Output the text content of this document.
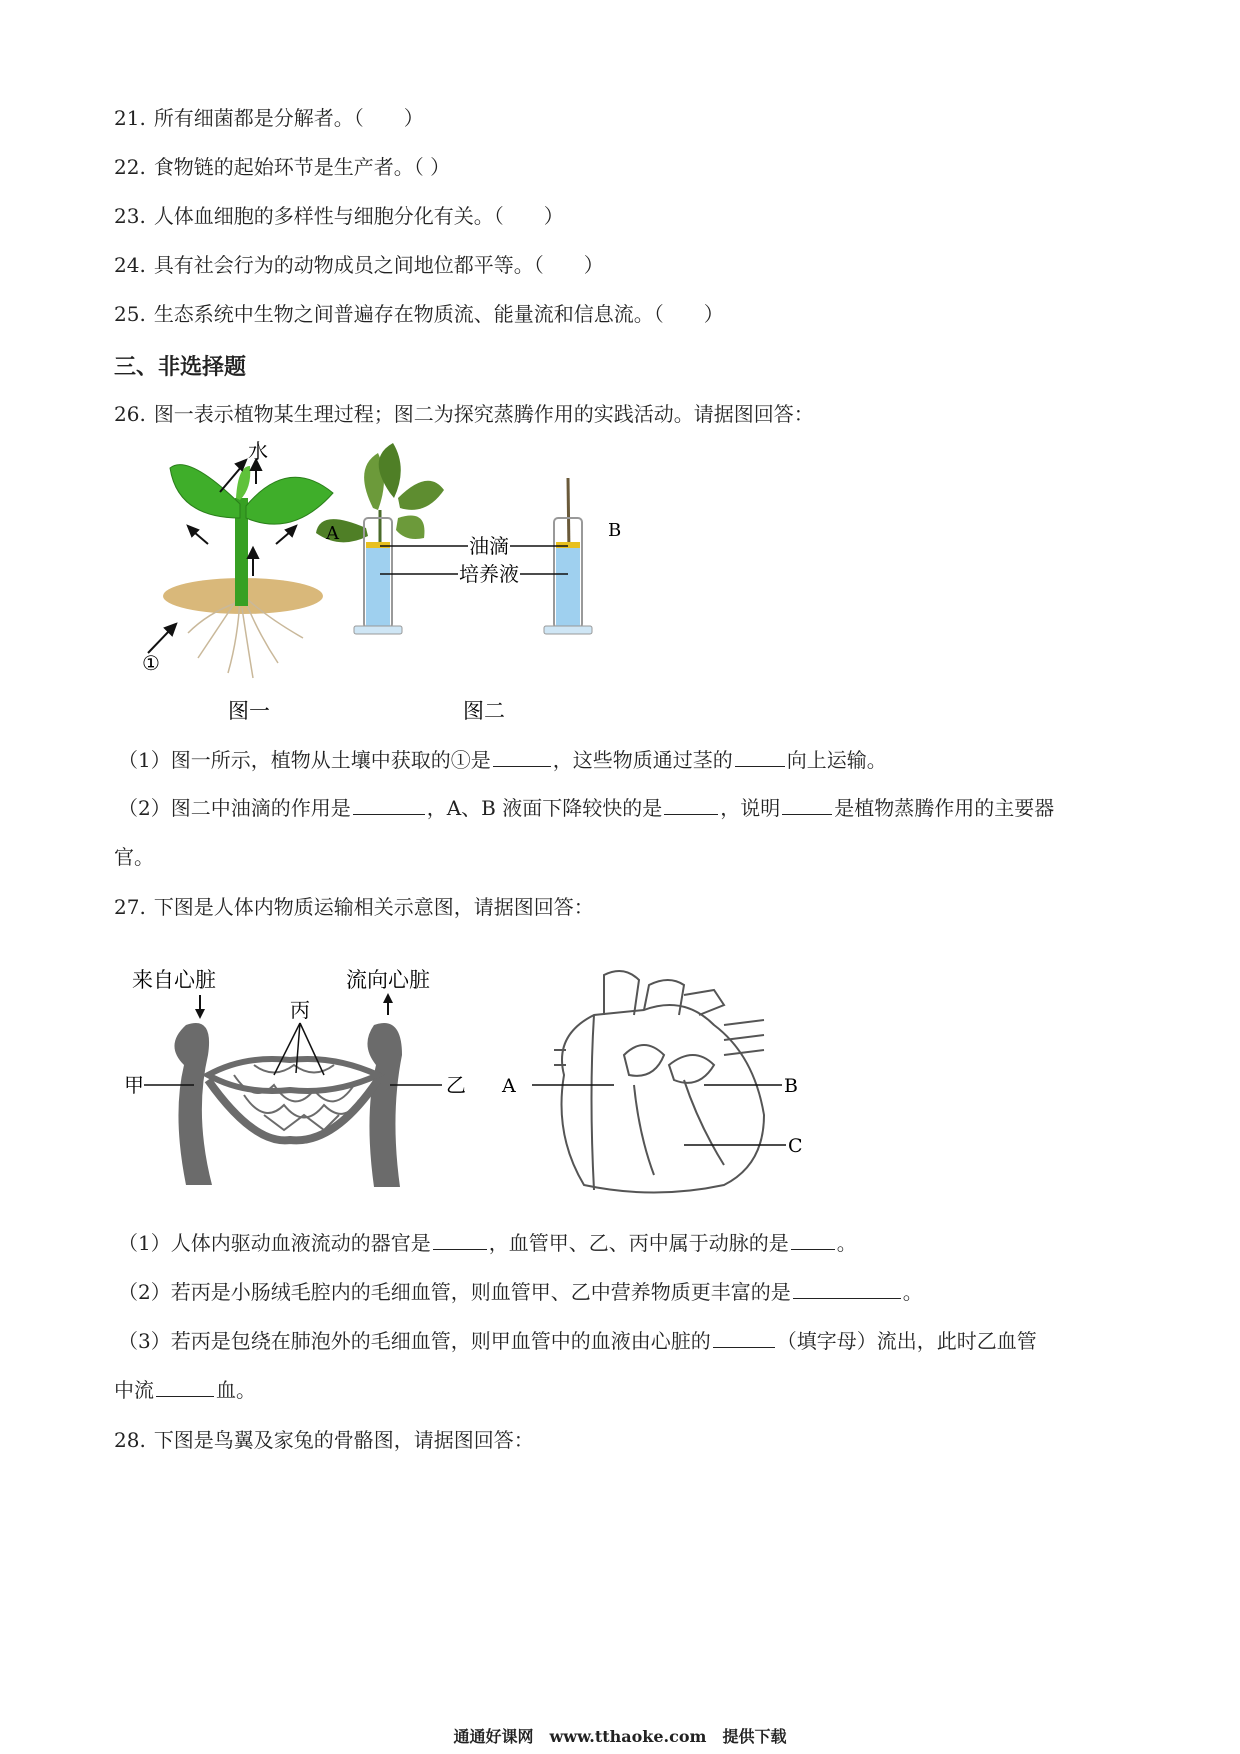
21. 所有细菌都是分解者。（　　）
22. 食物链的起始环节是生产者。（ ）
23. 人体血细胞的多样性与细胞分化有关。（　　）
24. 具有社会行为的动物成员之间地位都平等。（　　）
25. 生态系统中生物之间普遍存在物质流、能量流和信息流。（　　）
三、非选择题
26. 图一表示植物某生理过程；图二为探究蒸腾作用的实践活动。请据图回答：
水
①
图一
油滴
培养液
A	B
图二
（1）图一所示，植物从土壤中获取的①是	，这些物质通过茎的	向上运输。
（2）图二中油滴的作用是	，A、B 液面下降较快的是	，说明	是植物蒸腾作用的主要器
官。
27. 下图是人体内物质运输相关示意图，请据图回答：
来自心脏	流向心脏
丙
甲	乙 A	B
C
（1）人体内驱动血液流动的器官是	，血管甲、乙、丙中属于动脉的是 。
（2）若丙是小肠绒毛腔内的毛细血管，则血管甲、乙中营养物质更丰富的是	。
（3）若丙是包绕在肺泡外的毛细血管，则甲血管中的血液由心脏的	（填字母）流出，此时乙血管
中流	血。
28. 下图是鸟翼及家兔的骨骼图，请据图回答：
通通好课网　www.tthaoke.com　提供下载
